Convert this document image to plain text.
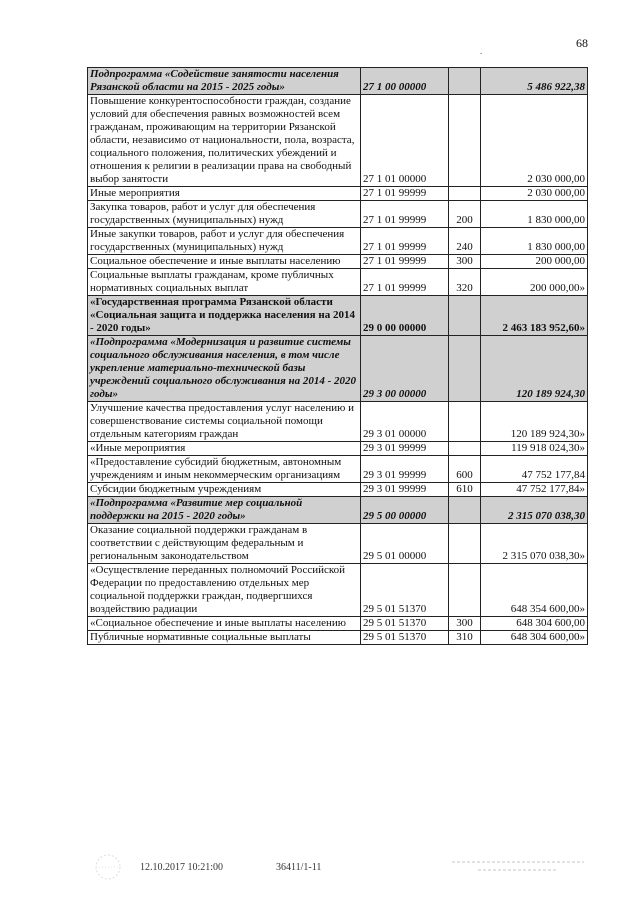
68
.
Подпрограмма «Содействие занятости населения Рязанской области на 2015 - 2025 годы»	27 1 00 00000		5 486 922,38
Повышение конкурентоспособности граждан, создание условий для обеспечения равных возможностей всем гражданам, проживающим на территории Рязанской области, независимо от национальности, пола, возраста, социального положения, политических убеждений и отношения к религии в реализации права на свободный выбор занятости	27 1 01 00000		2 030 000,00
Иные мероприятия	27 1 01 99999		2 030 000,00
Закупка товаров, работ и услуг для обеспечения государственных (муниципальных) нужд	27 1 01 99999	200	1 830 000,00
Иные закупки товаров, работ и услуг для обеспечения государственных (муниципальных) нужд	27 1 01 99999	240	1 830 000,00
Социальное обеспечение и иные выплаты населению	27 1 01 99999	300	200 000,00
Социальные выплаты гражданам, кроме публичных нормативных социальных выплат	27 1 01 99999	320	200 000,00»
«Государственная программа Рязанской области «Социальная защита и поддержка населения на 2014 - 2020 годы»	29 0 00 00000		2 463 183 952,60»
«Подпрограмма «Модернизация и развитие системы социального обслуживания населения, в том числе укрепление материально-технической базы учреждений социального обслуживания на 2014 - 2020 годы»	29 3 00 00000		120 189 924,30
Улучшение качества предоставления услуг населению и совершенствование системы социальной помощи отдельным категориям граждан	29 3 01 00000		120 189 924,30»
«Иные мероприятия	29 3 01 99999		119 918 024,30»
«Предоставление субсидий бюджетным, автономным учреждениям и иным некоммерческим организациям	29 3 01 99999	600	47 752 177,84
Субсидии бюджетным учреждениям	29 3 01 99999	610	47 752 177,84»
«Подпрограмма «Развитие мер социальной поддержки на 2015 - 2020 годы»	29 5 00 00000		2 315 070 038,30
Оказание социальной поддержки гражданам в соответствии с действующим федеральным и региональным законодательством	29 5 01 00000		2 315 070 038,30»
«Осуществление переданных полномочий Российской Федерации по предоставлению отдельных мер социальной поддержки граждан, подвергшихся воздействию радиации	29 5 01 51370		648 354 600,00»
«Социальное обеспечение и иные выплаты населению	29 5 01 51370	300	648 304 600,00
Публичные нормативные социальные выплаты	29 5 01 51370	310	648 304 600,00»
12.10.2017 10:21:00	36411/1-11
